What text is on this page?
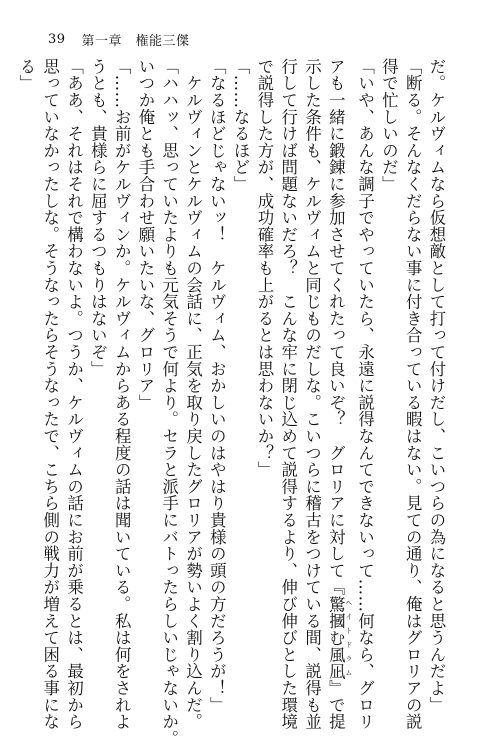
39 第一章　権能三傑
だ。ケルヴィムなら仮想敵として打って付けだし、こいつらの為になると思うんだよ」
「断る。そんなくだらない事に付き合っている暇はない。見ての通り、俺はグロリアの説
得で忙しいのだ」
「いや、あんな調子でやっていたら、永遠に説得なんてできないって……何なら、グロリ
アも一緒に鍛錬に参加させてくれたって良いぞ？　グロリアに対して『驚摑む風凪 ヘイトドラム』で提
示した条件も、ケルヴィムと同じものだしな。こいつらに稽古をつけている間、説得も並
行して行けば問題ないだろ？　こんな牢に閉じ込めて説得するより、伸び伸びとした環境
で説得した方が、成功確率も上がるとは思わないか？」
「……なるほど」
「なるほどじゃないッ！　ケルヴィム、おかしいのはやはり貴様の頭の方だろうが！」
　ケルヴィンとケルヴィムの会話に、正気を取り戻したグロリアが勢いよく割り込んだ。
「ハハッ、思っていたよりも元気そうで何より。セラと派手にバトったらしいじゃないか。
いつか俺とも手合わせ願いたいな、グロリア」
「……お前がケルヴィンか。ケルヴィムからある程度の話は聞いている。私は何をされよ
うとも、貴様らに屈するつもりはないぞ」
「ああ、それはそれで構わないよ。つうか、ケルヴィムの話にお前が乗るとは、最初から
思っていなかったしな。そうなったらそうなったで、こちら側の戦力が増えて困る事にな
る」
